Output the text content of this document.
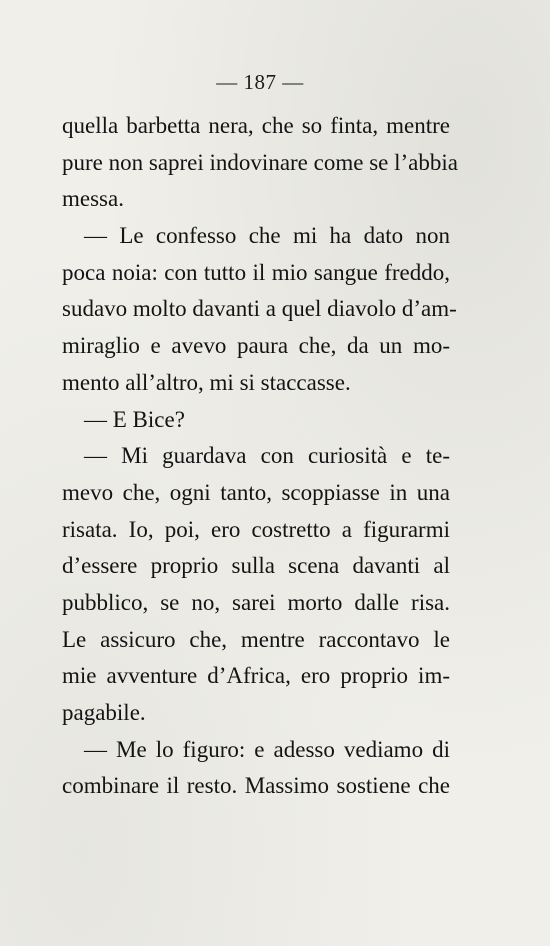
— 187 —
quella barbetta nera, che so finta, mentre
pure non saprei indovinare come se l’abbia
messa.
— Le confesso che mi ha dato non
poca noia: con tutto il mio sangue freddo,
sudavo molto davanti a quel diavolo d’am-
miraglio e avevo paura che, da un mo-
mento all’altro, mi si staccasse.
— E Bice?
— Mi guardava con curiosità e te-
mevo che, ogni tanto, scoppiasse in una
risata. Io, poi, ero costretto a figurarmi
d’essere proprio sulla scena davanti al
pubblico, se no, sarei morto dalle risa.
Le assicuro che, mentre raccontavo le
mie avventure d’Africa, ero proprio im-
pagabile.
— Me lo figuro: e adesso vediamo di
combinare il resto. Massimo sostiene che
